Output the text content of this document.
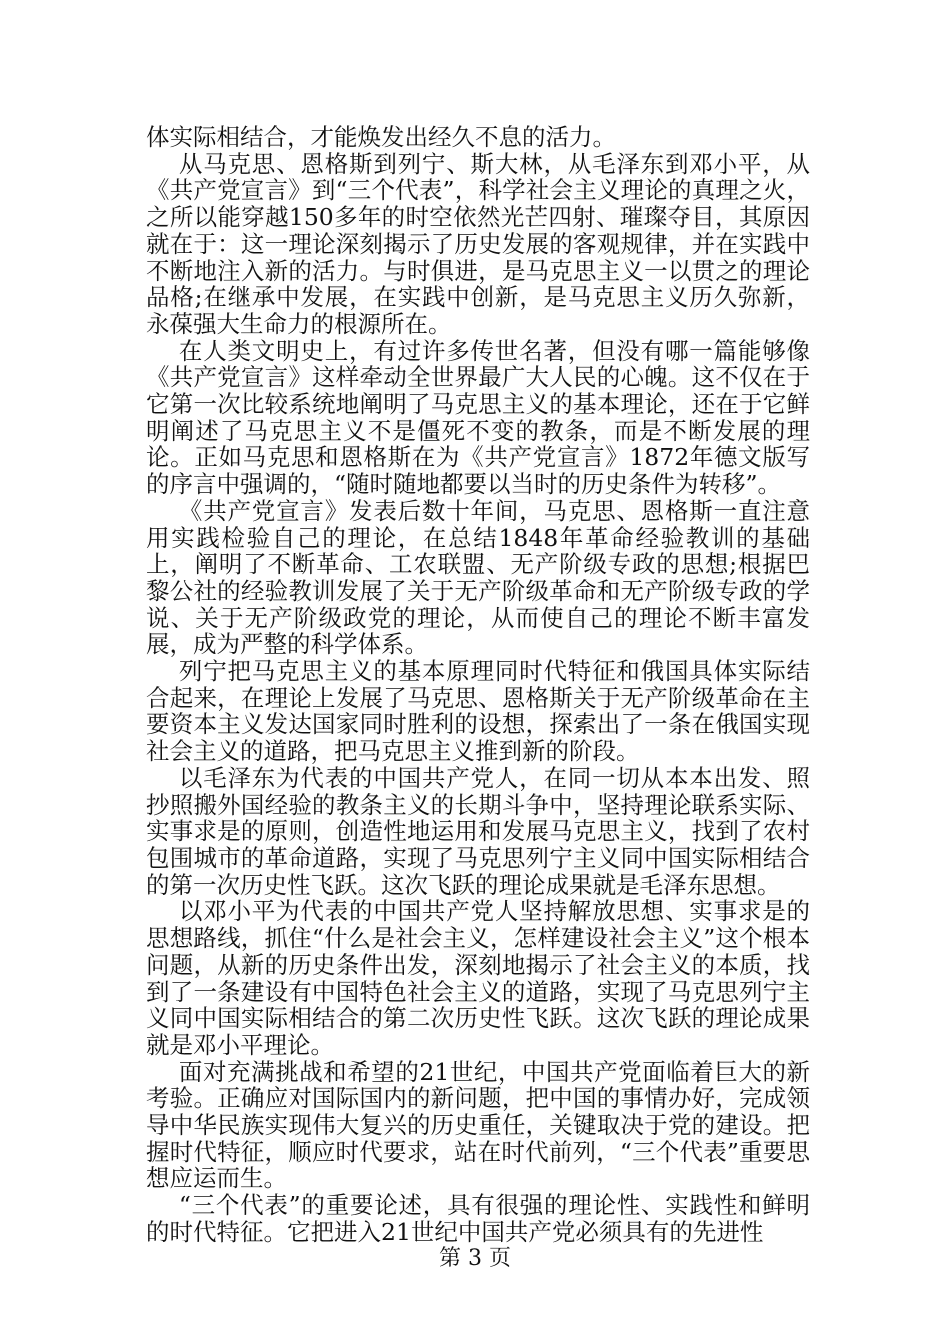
体实际相结合，才能焕发出经久不息的活力。

从马克思、恩格斯到列宁、斯大林，从毛泽东到邓小平，从《共产党宣言》到“三个代表”，科学社会主义理论的真理之火，之所以能穿越150多年的时空依然光芒四射、璀璨夺目，其原因就在于：这一理论深刻揭示了历史发展的客观规律，并在实践中不断地注入新的活力。与时俱进，是马克思主义一以贯之的理论品格;在继承中发展，在实践中创新，是马克思主义历久弥新，永葆强大生命力的根源所在。

在人类文明史上，有过许多传世名著，但没有哪一篇能够像《共产党宣言》这样牵动全世界最广大人民的心魄。这不仅在于它第一次比较系统地阐明了马克思主义的基本理论，还在于它鲜明阐述了马克思主义不是僵死不变的教条，而是不断发展的理论。正如马克思和恩格斯在为《共产党宣言》1872年德文版写的序言中强调的，“随时随地都要以当时的历史条件为转移”。

《共产党宣言》发表后数十年间，马克思、恩格斯一直注意用实践检验自己的理论，在总结1848年革命经验教训的基础上，阐明了不断革命、工农联盟、无产阶级专政的思想;根据巴黎公社的经验教训发展了关于无产阶级革命和无产阶级专政的学说、关于无产阶级政党的理论，从而使自己的理论不断丰富发展，成为严整的科学体系。

列宁把马克思主义的基本原理同时代特征和俄国具体实际结合起来，在理论上发展了马克思、恩格斯关于无产阶级革命在主要资本主义发达国家同时胜利的设想，探索出了一条在俄国实现社会主义的道路，把马克思主义推到新的阶段。

以毛泽东为代表的中国共产党人，在同一切从本本出发、照抄照搬外国经验的教条主义的长期斗争中，坚持理论联系实际、实事求是的原则，创造性地运用和发展马克思主义，找到了农村包围城市的革命道路，实现了马克思列宁主义同中国实际相结合的第一次历史性飞跃。这次飞跃的理论成果就是毛泽东思想。

以邓小平为代表的中国共产党人坚持解放思想、实事求是的思想路线，抓住“什么是社会主义，怎样建设社会主义”这个根本问题，从新的历史条件出发，深刻地揭示了社会主义的本质，找到了一条建设有中国特色社会主义的道路，实现了马克思列宁主义同中国实际相结合的第二次历史性飞跃。这次飞跃的理论成果就是邓小平理论。

面对充满挑战和希望的21世纪，中国共产党面临着巨大的新考验。正确应对国际国内的新问题，把中国的事情办好，完成领导中华民族实现伟大复兴的历史重任，关键取决于党的建设。把握时代特征，顺应时代要求，站在时代前列，“三个代表”重要思想应运而生。

“三个代表”的重要论述，具有很强的理论性、实践性和鲜明的时代特征。它把进入21世纪中国共产党必须具有的先进性

第 3 页
